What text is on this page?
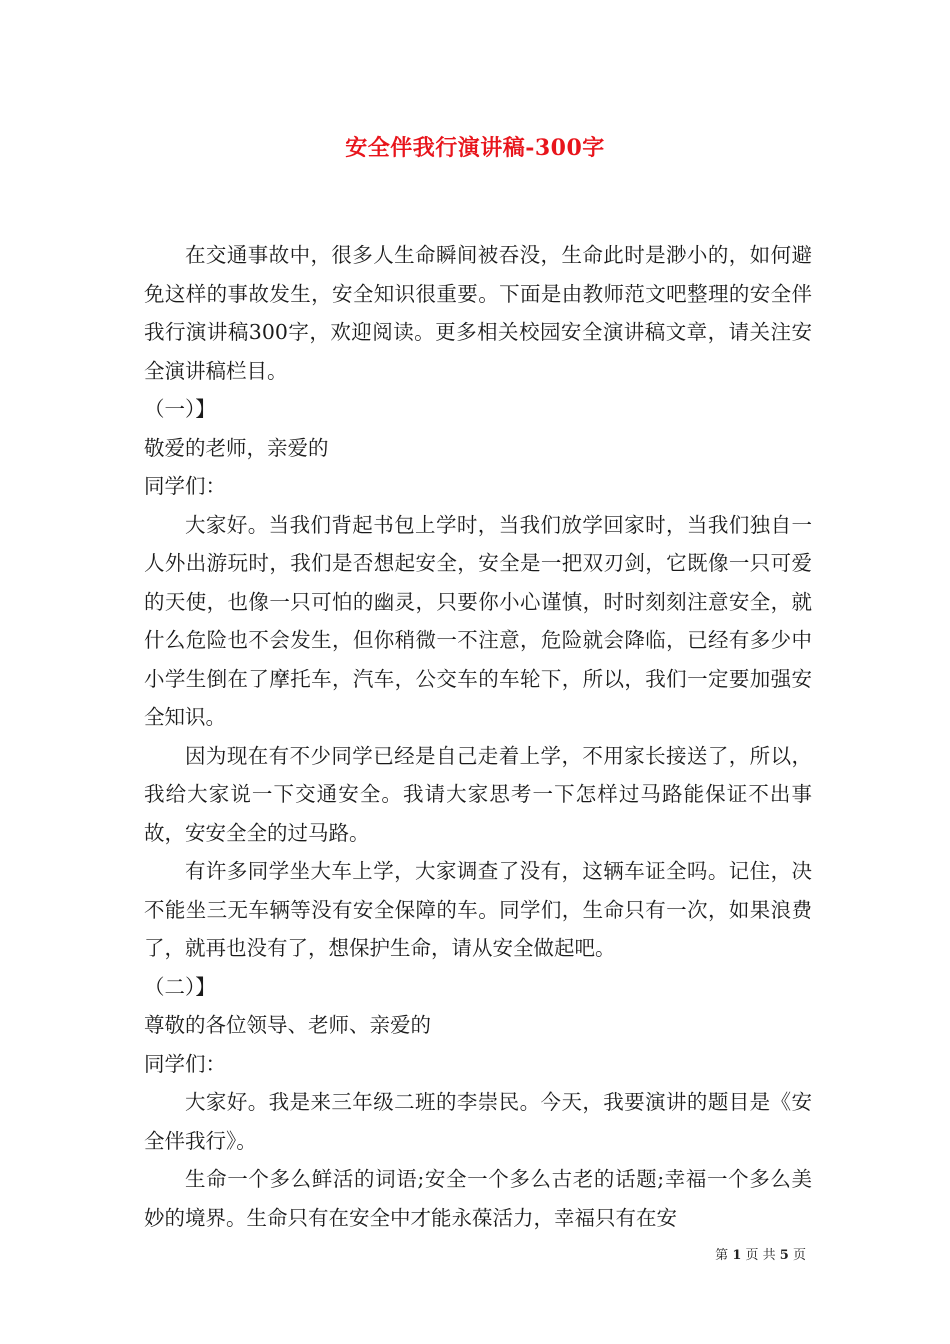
安全伴我行演讲稿-300字

在交通事故中，很多人生命瞬间被吞没，生命此时是渺小的，如何避免这样的事故发生，安全知识很重要。下面是由教师范文吧整理的安全伴我行演讲稿300字，欢迎阅读。更多相关校园安全演讲稿文章，请关注安全演讲稿栏目。

（一）】

敬爱的老师，亲爱的

同学们：

大家好。当我们背起书包上学时，当我们放学回家时，当我们独自一人外出游玩时，我们是否想起安全，安全是一把双刃剑，它既像一只可爱的天使，也像一只可怕的幽灵，只要你小心谨慎，时时刻刻注意安全，就什么危险也不会发生，但你稍微一不注意，危险就会降临，已经有多少中小学生倒在了摩托车，汽车，公交车的车轮下，所以，我们一定要加强安全知识。

因为现在有不少同学已经是自己走着上学，不用家长接送了，所以，我给大家说一下交通安全。我请大家思考一下怎样过马路能保证不出事故，安安全全的过马路。

有许多同学坐大车上学，大家调查了没有，这辆车证全吗。记住，决不能坐三无车辆等没有安全保障的车。同学们，生命只有一次，如果浪费了，就再也没有了，想保护生命，请从安全做起吧。

（二）】

尊敬的各位领导、老师、亲爱的

同学们：

大家好。我是来三年级二班的李崇民。今天，我要演讲的题目是《安全伴我行》。

生命一个多么鲜活的词语;安全一个多么古老的话题;幸福一个多么美妙的境界。生命只有在安全中才能永葆活力，幸福只有在安

第 1 页 共 5 页
